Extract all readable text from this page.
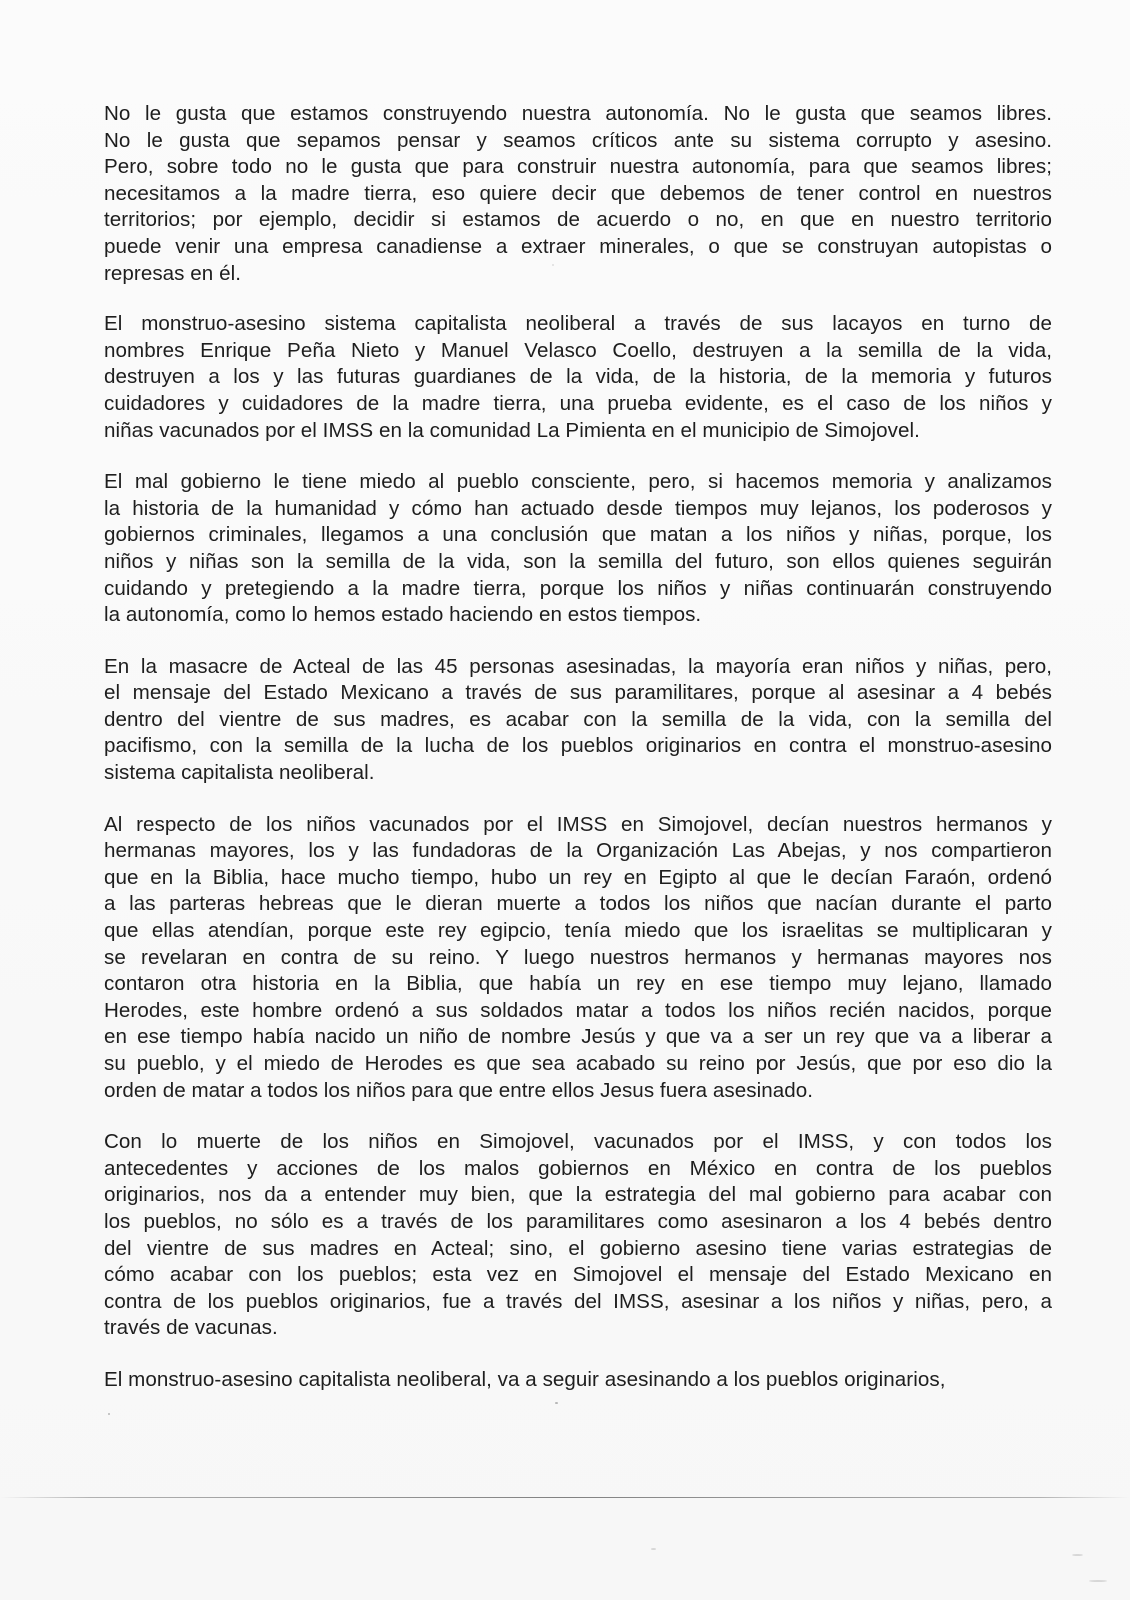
No le gusta que estamos construyendo nuestra autonomía. No le gusta que seamos libres.
No le gusta que sepamos pensar y seamos críticos ante su sistema corrupto y asesino.
Pero, sobre todo no le gusta que para construir nuestra autonomía, para que seamos libres;
necesitamos a la madre tierra, eso quiere decir que debemos de tener control en nuestros
territorios; por ejemplo, decidir si estamos de acuerdo o no, en que en nuestro territorio
puede venir una empresa canadiense a extraer minerales, o que se construyan autopistas o
represas en él.

El monstruo-asesino sistema capitalista neoliberal a través de sus lacayos en turno de
nombres Enrique Peña Nieto y Manuel Velasco Coello, destruyen a la semilla de la vida,
destruyen a los y las futuras guardianes de la vida, de la historia, de la memoria y futuros
cuidadores y cuidadores de la madre tierra, una prueba evidente, es el caso de los niños y
niñas vacunados por el IMSS en la comunidad La Pimienta en el municipio de Simojovel.

El mal gobierno le tiene miedo al pueblo consciente, pero, si hacemos memoria y analizamos
la historia de la humanidad y cómo han actuado desde tiempos muy lejanos, los poderosos y
gobiernos criminales, llegamos a una conclusión que matan a los niños y niñas, porque, los
niños y niñas son la semilla de la vida, son la semilla del futuro, son ellos quienes seguirán
cuidando y pretegiendo a la madre tierra, porque los niños y niñas continuarán construyendo
la autonomía, como lo hemos estado haciendo en estos tiempos.

En la masacre de Acteal de las 45 personas asesinadas, la mayoría eran niños y niñas, pero,
el mensaje del Estado Mexicano a través de sus paramilitares, porque al asesinar a 4 bebés
dentro del vientre de sus madres, es acabar con la semilla de la vida, con la semilla del
pacifismo, con la semilla de la lucha de los pueblos originarios en contra el monstruo-asesino
sistema capitalista neoliberal.

Al respecto de los niños vacunados por el IMSS en Simojovel, decían nuestros hermanos y
hermanas mayores, los y las fundadoras de la Organización Las Abejas, y nos compartieron
que en la Biblia, hace mucho tiempo, hubo un rey en Egipto al que le decían Faraón, ordenó
a las parteras hebreas que le dieran muerte a todos los niños que nacían durante el parto
que ellas atendían, porque este rey egipcio, tenía miedo que los israelitas se multiplicaran y
se revelaran en contra de su reino. Y luego nuestros hermanos y hermanas mayores nos
contaron otra historia en la Biblia, que había un rey en ese tiempo muy lejano, llamado
Herodes, este hombre ordenó a sus soldados matar a todos los niños recién nacidos, porque
en ese tiempo había nacido un niño de nombre Jesús y que va a ser un rey que va a liberar a
su pueblo, y el miedo de Herodes es que sea acabado su reino por Jesús, que por eso dio la
orden de matar a todos los niños para que entre ellos Jesus fuera asesinado.

Con lo muerte de los niños en Simojovel, vacunados por el IMSS, y con todos los
antecedentes y acciones de los malos gobiernos en México en contra de los pueblos
originarios, nos da a entender muy bien, que la estrategia del mal gobierno para acabar con
los pueblos, no sólo es a través de los paramilitares como asesinaron a los 4 bebés dentro
del vientre de sus madres en Acteal; sino, el gobierno asesino tiene varias estrategias de
cómo acabar con los pueblos; esta vez en Simojovel el mensaje del Estado Mexicano en
contra de los pueblos originarios, fue a través del IMSS, asesinar a los niños y niñas, pero, a
través de vacunas.

El monstruo-asesino capitalista neoliberal, va a seguir asesinando a los pueblos originarios,
